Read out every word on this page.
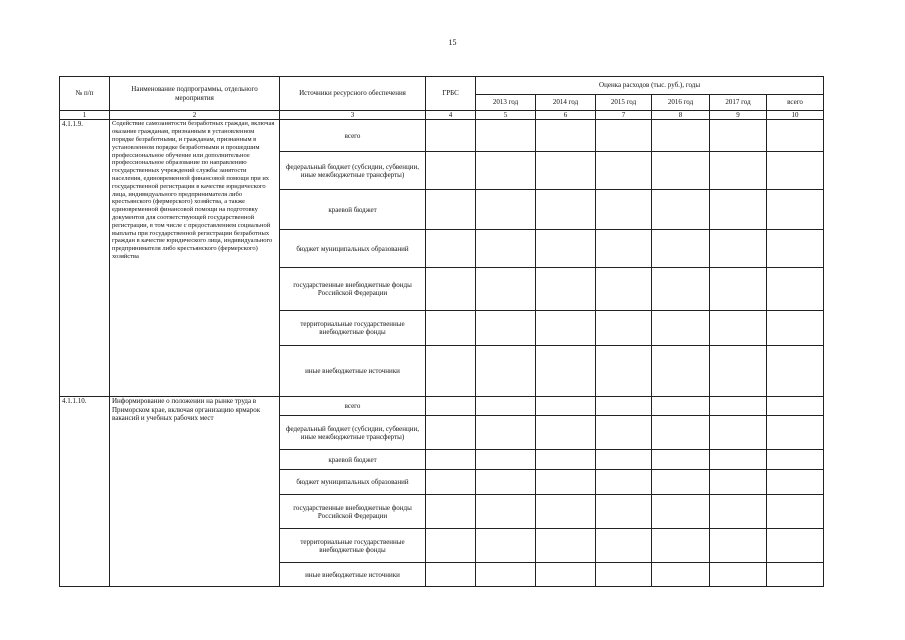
15
№ п/п	Наименование подпрограммы, отдельного мероприятия	Источники ресурсного обеспечения	ГРБС	Оценка расходов (тыс. руб.), годы					
				2013 год	2014 год	2015 год	2016 год	2017 год	всего
1	2	3	4	5	6	7	8	9	10
4.1.1.9.	Содействие самозанятости безработных граждан, включая оказание гражданам, признанным в установленном порядке безработными, и гражданам, признанным в установленном порядке безработными и прошедшим профессиональное обучение или дополнительное профессиональное образование по направлению государственных учреждений службы занятости населения, единовременной финансовой помощи при их государственной регистрации в качестве юридического лица, индивидуального предпринимателя либо крестьянского (фермерского) хозяйства, а также единовременной финансовой помощи на подготовку документов для соответствующей государственной регистрации, в том числе с предоставлением социальной выплаты при государственной регистрации безработных граждан в качестве юридического лица, индивидуального предпринимателя либо крестьянского (фермерского) хозяйства	всего							
		федеральный бюджет (субсидии, субвенции, иные межбюджетные трансферты)							
		краевой бюджет							
		бюджет муниципальных образований							
		государственные внебюджетные фонды Российской Федерации							
		территориальные государственные внебюджетные фонды							
		иные внебюджетные источники							
4.1.1.10.	Информирование о положении на рынке труда в Приморском крае, включая организацию ярмарок вакансий и учебных рабочих мест	всего							
		федеральный бюджет (субсидии, субвенции, иные межбюджетные трансферты)							
		краевой бюджет							
		бюджет муниципальных образований							
		государственные внебюджетные фонды Российской Федерации							
		территориальные государственные внебюджетные фонды							
		иные внебюджетные источники							
